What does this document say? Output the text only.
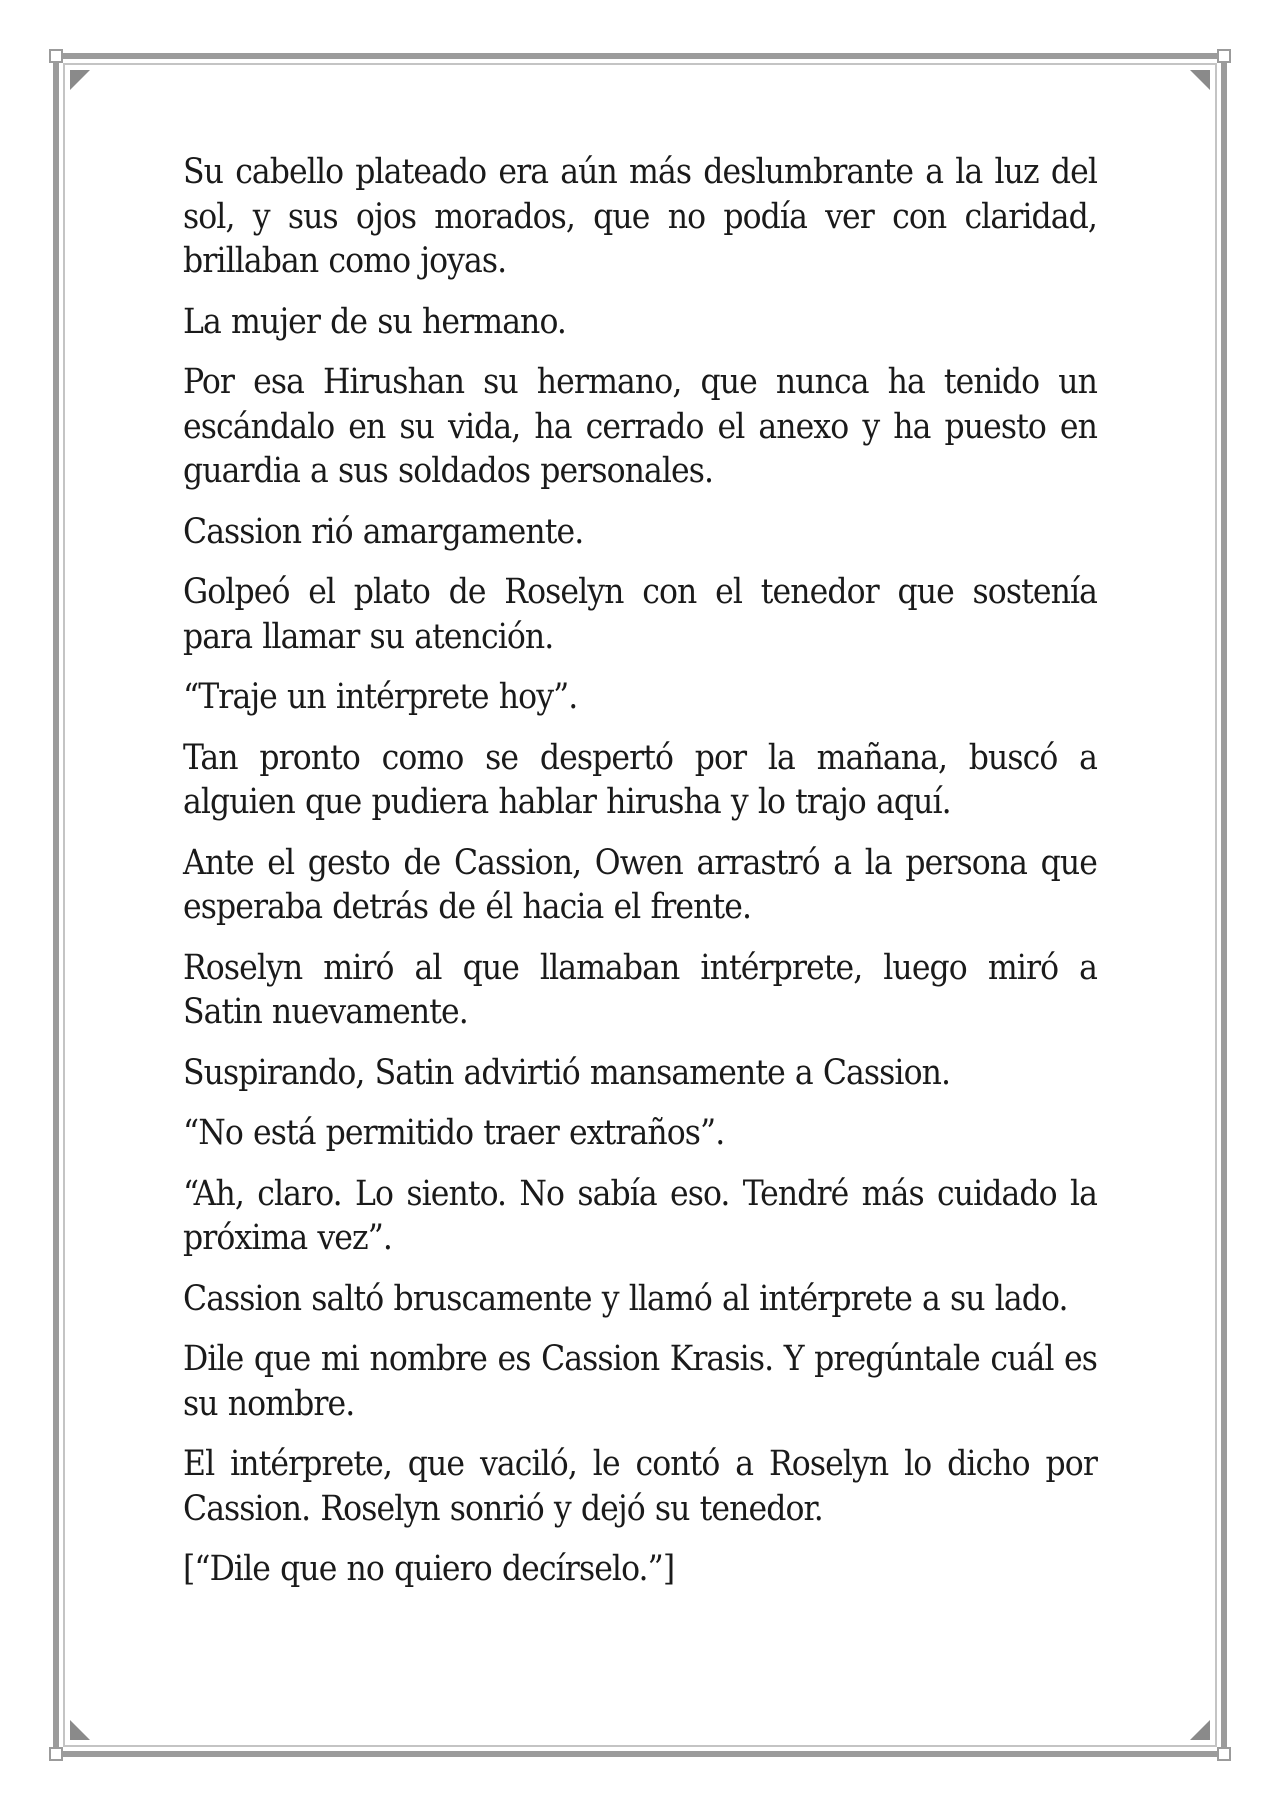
Su cabello plateado era aún más deslumbrante a la luz del sol, y sus ojos morados, que no podía ver con claridad, brillaban como joyas.

La mujer de su hermano.

Por esa Hirushan su hermano, que nunca ha tenido un escándalo en su vida, ha cerrado el anexo y ha puesto en guardia a sus soldados personales.

Cassion rió amargamente.

Golpeó el plato de Roselyn con el tenedor que sostenía para llamar su atención.

“Traje un intérprete hoy”.

Tan pronto como se despertó por la mañana, buscó a alguien que pudiera hablar hirusha y lo trajo aquí.

Ante el gesto de Cassion, Owen arrastró a la persona que esperaba detrás de él hacia el frente.

Roselyn miró al que llamaban intérprete, luego miró a Satin nuevamente.

Suspirando, Satin advirtió mansamente a Cassion.

“No está permitido traer extraños”.

“Ah, claro. Lo siento. No sabía eso. Tendré más cuidado la próxima vez”.

Cassion saltó bruscamente y llamó al intérprete a su lado.

Dile que mi nombre es Cassion Krasis. Y pregúntale cuál es su nombre.

El intérprete, que vaciló, le contó a Roselyn lo dicho por Cassion. Roselyn sonrió y dejó su tenedor.

[“Dile que no quiero decírselo.”]
